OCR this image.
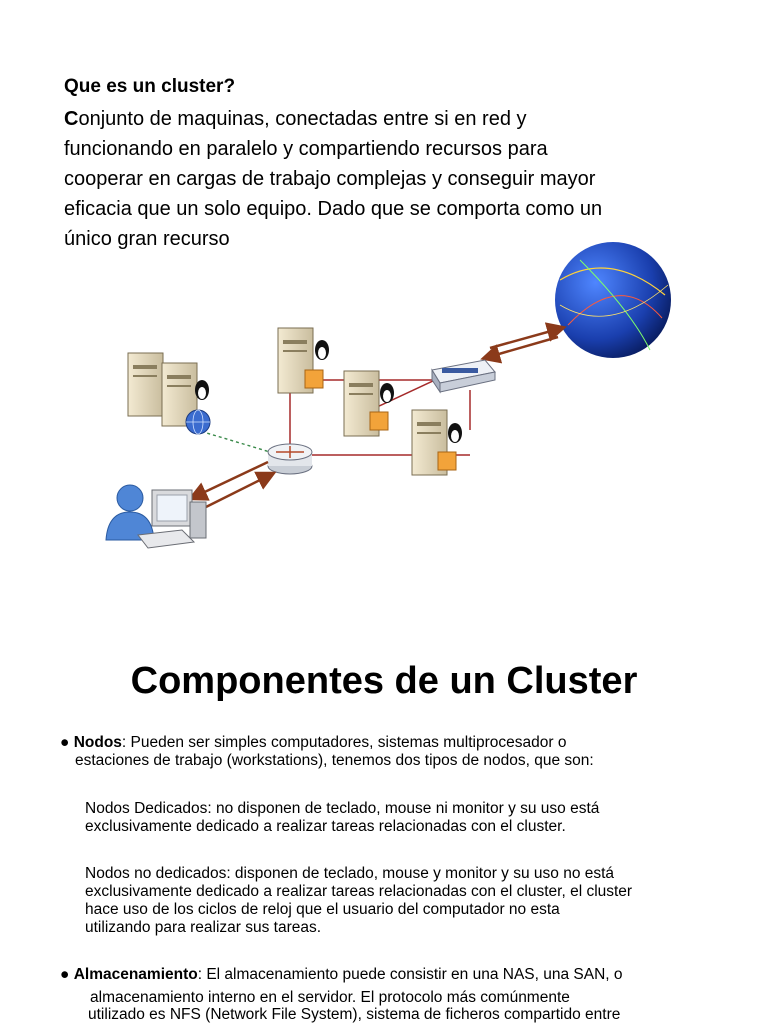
Que es un cluster?
Conjunto de maquinas, conectadas entre si en red y
funcionando en paralelo y compartiendo recursos para
cooperar en cargas de trabajo complejas y conseguir mayor
eficacia que un solo equipo. Dado que se comporta como un
único gran recurso
Componentes de un Cluster
● Nodos: Pueden ser simples computadores, sistemas multiprocesador o
estaciones de trabajo (workstations), tenemos dos tipos de nodos, que son:
Nodos Dedicados: no disponen de teclado, mouse ni monitor y su uso está
exclusivamente dedicado a realizar tareas relacionadas con el cluster.
Nodos no dedicados: disponen de teclado, mouse y monitor y su uso no está
exclusivamente dedicado a realizar tareas relacionadas con el cluster, el cluster
hace uso de los ciclos de reloj que el usuario del computador no esta
utilizando para realizar sus tareas.
● Almacenamiento: El almacenamiento puede consistir en una NAS, una SAN, o
almacenamiento interno en el servidor. El protocolo más comúnmente
utilizado es NFS (Network File System), sistema de ficheros compartido entre
